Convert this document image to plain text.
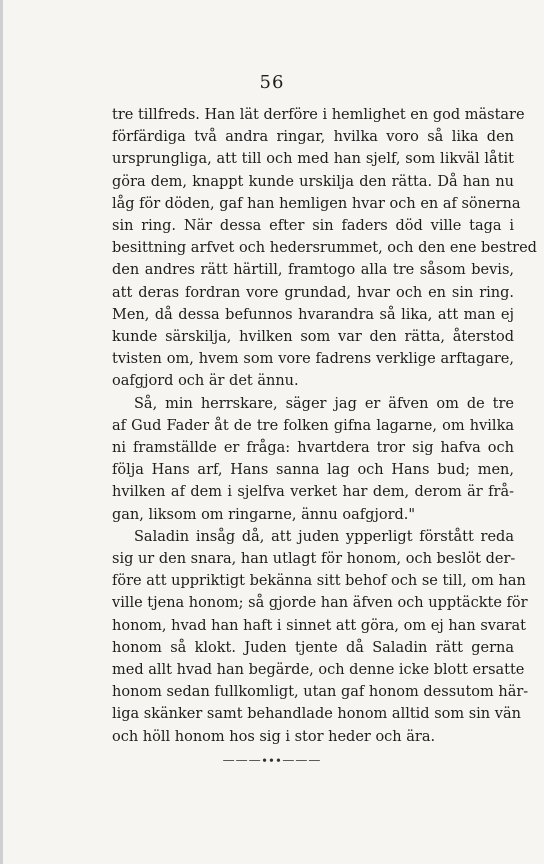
56
tre tillfreds. Han lät derföre i hemlighet en god mästare
förfärdiga två andra ringar, hvilka voro så lika den
ursprungliga, att till och med han sjelf, som likväl låtit
göra dem, knappt kunde urskilja den rätta. Då han nu
låg för döden, gaf han hemligen hvar och en af sönerna
sin ring. När dessa efter sin faders död ville taga i
besittning arfvet och hedersrummet, och den ene bestred
den andres rätt härtill, framtogo alla tre såsom bevis,
att deras fordran vore grundad, hvar och en sin ring.
Men, då dessa befunnos hvarandra så lika, att man ej
kunde särskilja, hvilken som var den rätta, återstod
tvisten om, hvem som vore fadrens verklige arftagare,
oafgjord och är det ännu.
Så, min herrskare, säger jag er äfven om de tre
af Gud Fader åt de tre folken gifna lagarne, om hvilka
ni framställde er fråga: hvartdera tror sig hafva och
följa Hans arf, Hans sanna lag och Hans bud; men,
hvilken af dem i sjelfva verket har dem, derom är frå-
gan, liksom om ringarne, ännu oafgjord."
Saladin insåg då, att juden ypperligt förstått reda
sig ur den snara, han utlagt för honom, och beslöt der-
före att uppriktigt bekänna sitt behof och se till, om han
ville tjena honom; så gjorde han äfven och upptäckte för
honom, hvad han haft i sinnet att göra, om ej han svarat
honom så klokt. Juden tjente då Saladin rätt gerna
med allt hvad han begärde, och denne icke blott ersatte
honom sedan fullkomligt, utan gaf honom dessutom här-
liga skänker samt behandlade honom alltid som sin vän
och höll honom hos sig i stor heder och ära.
———∙∙∙———
